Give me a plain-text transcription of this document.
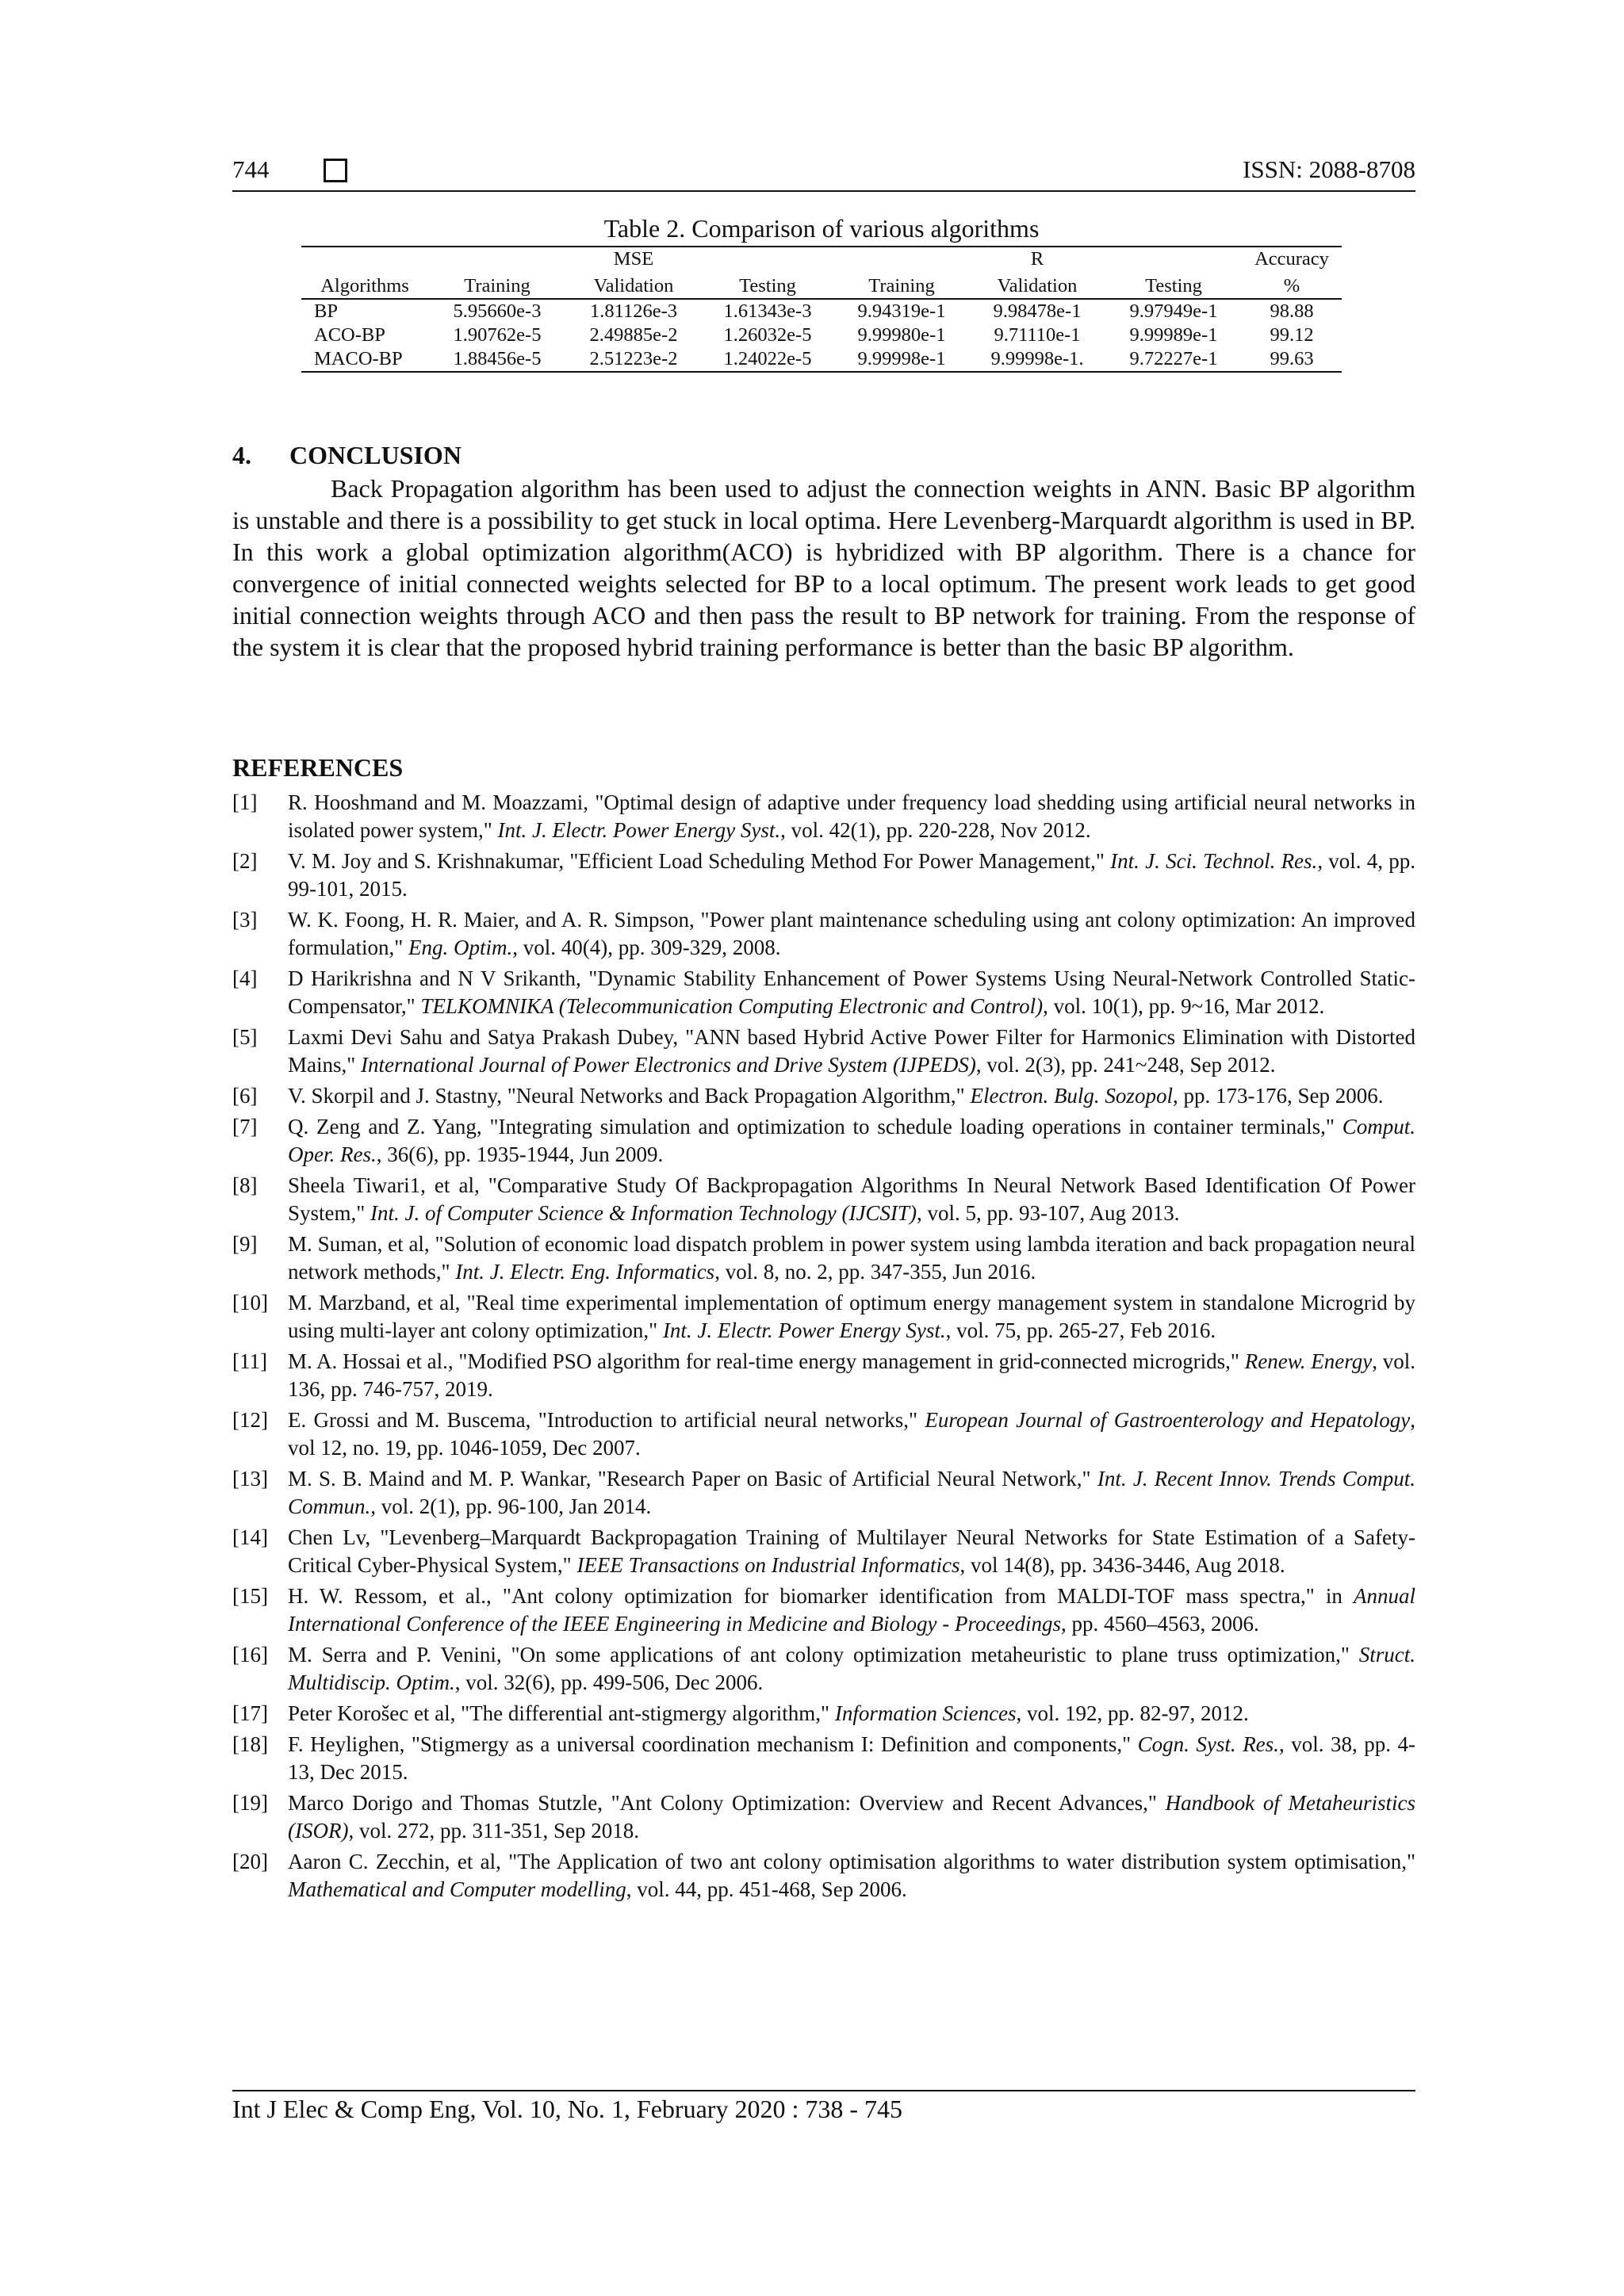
744	ISSN: 2088-8708
Table 2. Comparison of various algorithms
		MSE			R		Accuracy
Algorithms	Training	Validation	Testing	Training	Validation	Testing	%
BP	5.95660e-3	1.81126e-3	1.61343e-3	9.94319e-1	9.98478e-1	9.97949e-1	98.88
ACO-BP	1.90762e-5	2.49885e-2	1.26032e-5	9.99980e-1	9.71110e-1	9.99989e-1	99.12
MACO-BP	1.88456e-5	2.51223e-2	1.24022e-5	9.99998e-1	9.99998e-1.	9.72227e-1	99.63
4. CONCLUSION
Back Propagation algorithm has been used to adjust the connection weights in ANN. Basic BP algorithm is unstable and there is a possibility to get stuck in local optima. Here Levenberg-Marquardt algorithm is used in BP. In this work a global optimization algorithm(ACO) is hybridized with BP algorithm. There is a chance for convergence of initial connected weights selected for BP to a local optimum. The present work leads to get good initial connection weights through ACO and then pass the result to BP network for training. From the response of the system it is clear that the proposed hybrid training performance is better than the basic BP algorithm.
REFERENCES
[1] R. Hooshmand and M. Moazzami, "Optimal design of adaptive under frequency load shedding using artificial neural networks in isolated power system," Int. J. Electr. Power Energy Syst., vol. 42(1), pp. 220-228, Nov 2012.
[2] V. M. Joy and S. Krishnakumar, "Efficient Load Scheduling Method For Power Management," Int. J. Sci. Technol. Res., vol. 4, pp. 99-101, 2015.
[3] W. K. Foong, H. R. Maier, and A. R. Simpson, "Power plant maintenance scheduling using ant colony optimization: An improved formulation," Eng. Optim., vol. 40(4), pp. 309-329, 2008.
[4] D Harikrishna and N V Srikanth, "Dynamic Stability Enhancement of Power Systems Using Neural-Network Controlled Static-Compensator," TELKOMNIKA (Telecommunication Computing Electronic and Control), vol. 10(1), pp. 9~16, Mar 2012.
[5] Laxmi Devi Sahu and Satya Prakash Dubey, "ANN based Hybrid Active Power Filter for Harmonics Elimination with Distorted Mains," International Journal of Power Electronics and Drive System (IJPEDS), vol. 2(3), pp. 241~248, Sep 2012.
[6] V. Skorpil and J. Stastny, "Neural Networks and Back Propagation Algorithm," Electron. Bulg. Sozopol, pp. 173-176, Sep 2006.
[7] Q. Zeng and Z. Yang, "Integrating simulation and optimization to schedule loading operations in container terminals," Comput. Oper. Res., 36(6), pp. 1935-1944, Jun 2009.
[8] Sheela Tiwari1, et al, "Comparative Study Of Backpropagation Algorithms In Neural Network Based Identification Of Power System," Int. J. of Computer Science & Information Technology (IJCSIT), vol. 5, pp. 93-107, Aug 2013.
[9] M. Suman, et al, "Solution of economic load dispatch problem in power system using lambda iteration and back propagation neural network methods," Int. J. Electr. Eng. Informatics, vol. 8, no. 2, pp. 347-355, Jun 2016.
[10] M. Marzband, et al, "Real time experimental implementation of optimum energy management system in standalone Microgrid by using multi-layer ant colony optimization," Int. J. Electr. Power Energy Syst., vol. 75, pp. 265-27, Feb 2016.
[11] M. A. Hossai et al., "Modified PSO algorithm for real-time energy management in grid-connected microgrids," Renew. Energy, vol. 136, pp. 746-757, 2019.
[12] E. Grossi and M. Buscema, "Introduction to artificial neural networks," European Journal of Gastroenterology and Hepatology, vol 12, no. 19, pp. 1046-1059, Dec 2007.
[13] M. S. B. Maind and M. P. Wankar, "Research Paper on Basic of Artificial Neural Network," Int. J. Recent Innov. Trends Comput. Commun., vol. 2(1), pp. 96-100, Jan 2014.
[14] Chen Lv, "Levenberg–Marquardt Backpropagation Training of Multilayer Neural Networks for State Estimation of a Safety-Critical Cyber-Physical System," IEEE Transactions on Industrial Informatics, vol 14(8), pp. 3436-3446, Aug 2018.
[15] H. W. Ressom, et al., "Ant colony optimization for biomarker identification from MALDI-TOF mass spectra," in Annual International Conference of the IEEE Engineering in Medicine and Biology - Proceedings, pp. 4560–4563, 2006.
[16] M. Serra and P. Venini, "On some applications of ant colony optimization metaheuristic to plane truss optimization," Struct. Multidiscip. Optim., vol. 32(6), pp. 499-506, Dec 2006.
[17] Peter Korošec et al, "The differential ant-stigmergy algorithm," Information Sciences, vol. 192, pp. 82-97, 2012.
[18] F. Heylighen, "Stigmergy as a universal coordination mechanism I: Definition and components," Cogn. Syst. Res., vol. 38, pp. 4-13, Dec 2015.
[19] Marco Dorigo and Thomas Stutzle, "Ant Colony Optimization: Overview and Recent Advances," Handbook of Metaheuristics (ISOR), vol. 272, pp. 311-351, Sep 2018.
[20] Aaron C. Zecchin, et al, "The Application of two ant colony optimisation algorithms to water distribution system optimisation," Mathematical and Computer modelling, vol. 44, pp. 451-468, Sep 2006.
Int J Elec & Comp Eng, Vol. 10, No. 1, February 2020 : 738 - 745
